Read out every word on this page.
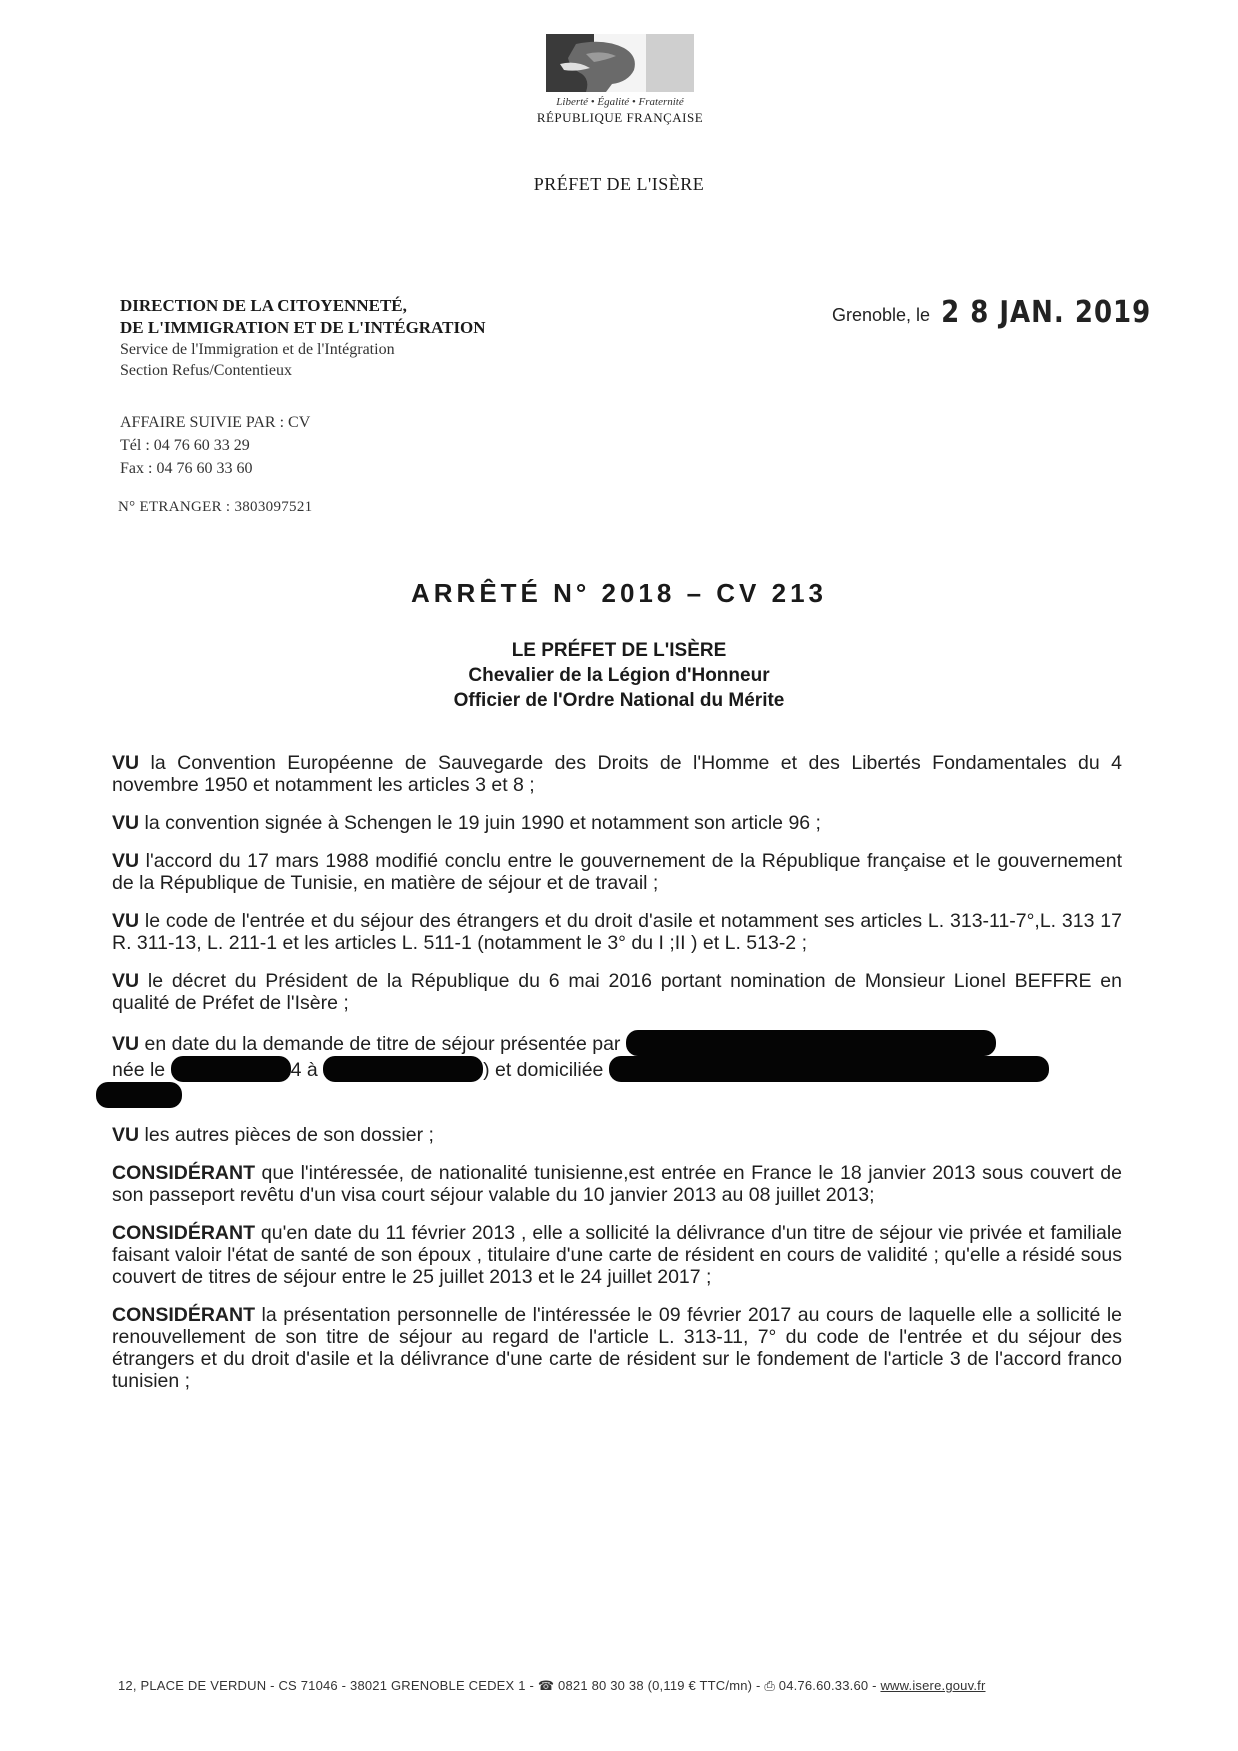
Liberté • Égalité • Fraternité
RÉPUBLIQUE FRANÇAISE
PRÉFET DE L'ISÈRE
DIRECTION DE LA CITOYENNETÉ,
DE L'IMMIGRATION ET DE L'INTÉGRATION
Service de l'Immigration et de l'Intégration
Section Refus/Contentieux
AFFAIRE SUIVIE PAR : CV
Tél : 04 76 60 33 29
Fax : 04 76 60 33 60
N° ETRANGER : 3803097521
Grenoble, le 2 8 JAN. 2019
ARRÊTÉ N° 2018 – CV 213
LE PRÉFET DE L'ISÈRE
Chevalier de la Légion d'Honneur
Officier de l'Ordre National du Mérite

VU la Convention Européenne de Sauvegarde des Droits de l'Homme et des Libertés Fondamentales du 4 novembre 1950 et notamment les articles 3 et 8 ;

VU la convention signée à Schengen le 19 juin 1990 et notamment son article 96 ;

VU l'accord du 17 mars 1988 modifié conclu entre le gouvernement de la République française et le gouvernement de la République de Tunisie, en matière de séjour et de travail ;

VU le code de l'entrée et du séjour des étrangers et du droit d'asile et notamment ses articles L. 313-11-7°,L. 313 17 R. 311-13, L. 211-1 et les articles L. 511-1 (notamment le 3° du I ;II ) et L. 513-2 ;

VU le décret du Président de la République du 6 mai 2016 portant nomination de Monsieur Lionel BEFFRE en qualité de Préfet de l'Isère ;

VU en date du la demande de titre de séjour présentée par
née le	4 à	) et domiciliée

VU les autres pièces de son dossier ;

CONSIDÉRANT que l'intéressée, de nationalité tunisienne,est entrée en France le 18 janvier 2013 sous couvert de son passeport revêtu d'un visa court séjour valable du 10 janvier 2013 au 08 juillet 2013;

CONSIDÉRANT qu'en date du 11 février 2013 , elle a sollicité la délivrance d'un titre de séjour vie privée et familiale faisant valoir l'état de santé de son époux , titulaire d'une carte de résident en cours de validité ; qu'elle a résidé sous couvert de titres de séjour entre le 25 juillet 2013 et le 24 juillet 2017 ;

CONSIDÉRANT la présentation personnelle de l'intéressée le 09 février 2017 au cours de laquelle elle a sollicité le renouvellement de son titre de séjour au regard de l'article L. 313-11, 7° du code de l'entrée et du séjour des étrangers et du droit d'asile et la délivrance d'une carte de résident sur le fondement de l'article 3 de l'accord franco tunisien ;

12, PLACE DE VERDUN - CS 71046 - 38021 GRENOBLE CEDEX 1 - ☎ 0821 80 30 38 (0,119 € TTC/mn) - ⎙ 04.76.60.33.60 - www.isere.gouv.fr
